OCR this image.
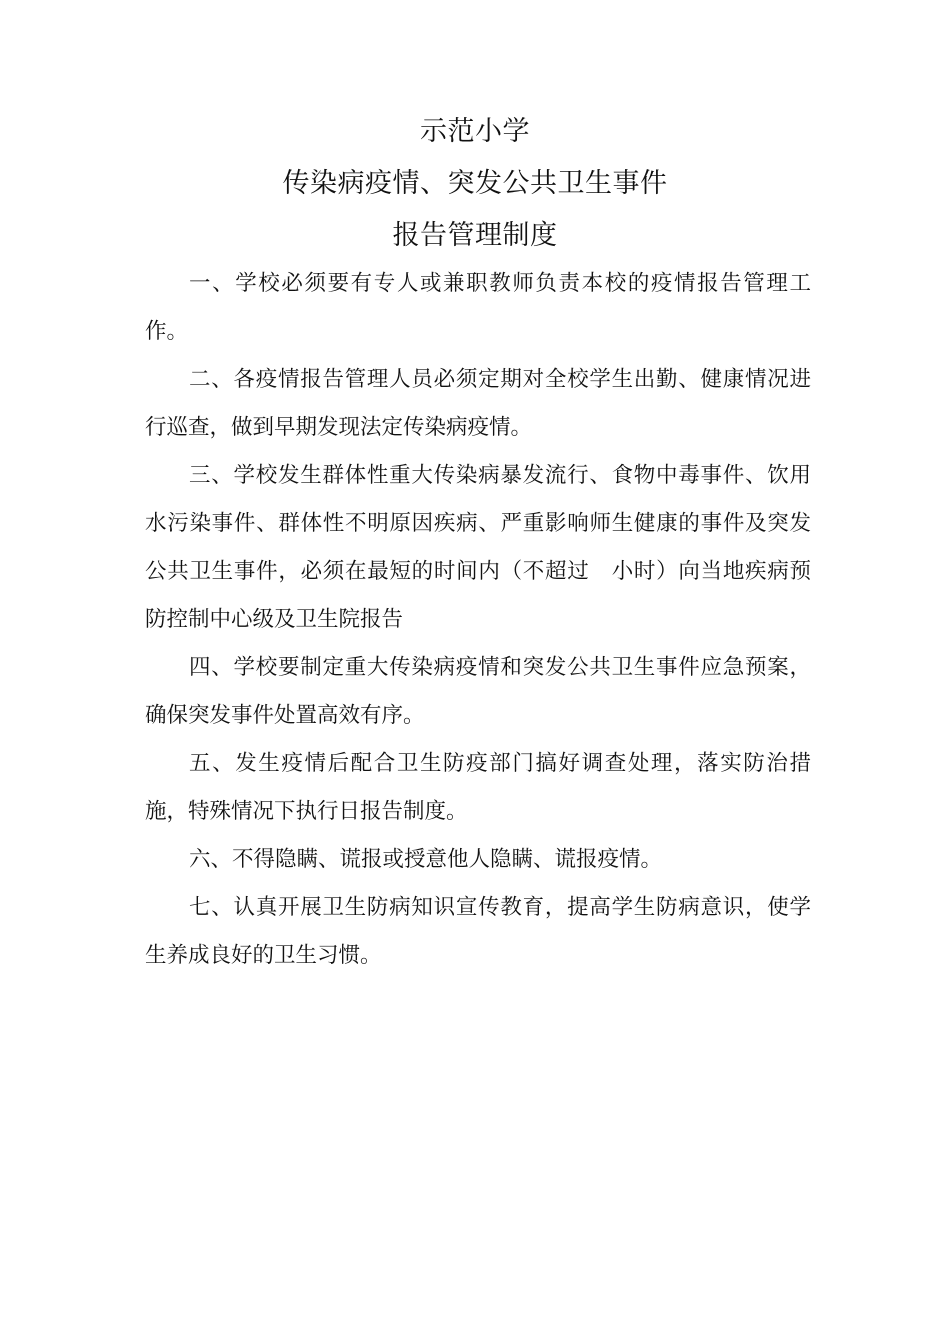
示范小学
传染病疫情、突发公共卫生事件
报告管理制度

一、学校必须要有专人或兼职教师负责本校的疫情报告管理工作。

二、各疫情报告管理人员必须定期对全校学生出勤、健康情况进行巡查，做到早期发现法定传染病疫情。

三、学校发生群体性重大传染病暴发流行、食物中毒事件、饮用水污染事件、群体性不明原因疾病、严重影响师生健康的事件及突发公共卫生事件，必须在最短的时间内（不超过　小时）向当地疾病预防控制中心级及卫生院报告

四、学校要制定重大传染病疫情和突发公共卫生事件应急预案，确保突发事件处置高效有序。

五、发生疫情后配合卫生防疫部门搞好调查处理，落实防治措施，特殊情况下执行日报告制度。

六、不得隐瞒、谎报或授意他人隐瞒、谎报疫情。

七、认真开展卫生防病知识宣传教育，提高学生防病意识，使学生养成良好的卫生习惯。
